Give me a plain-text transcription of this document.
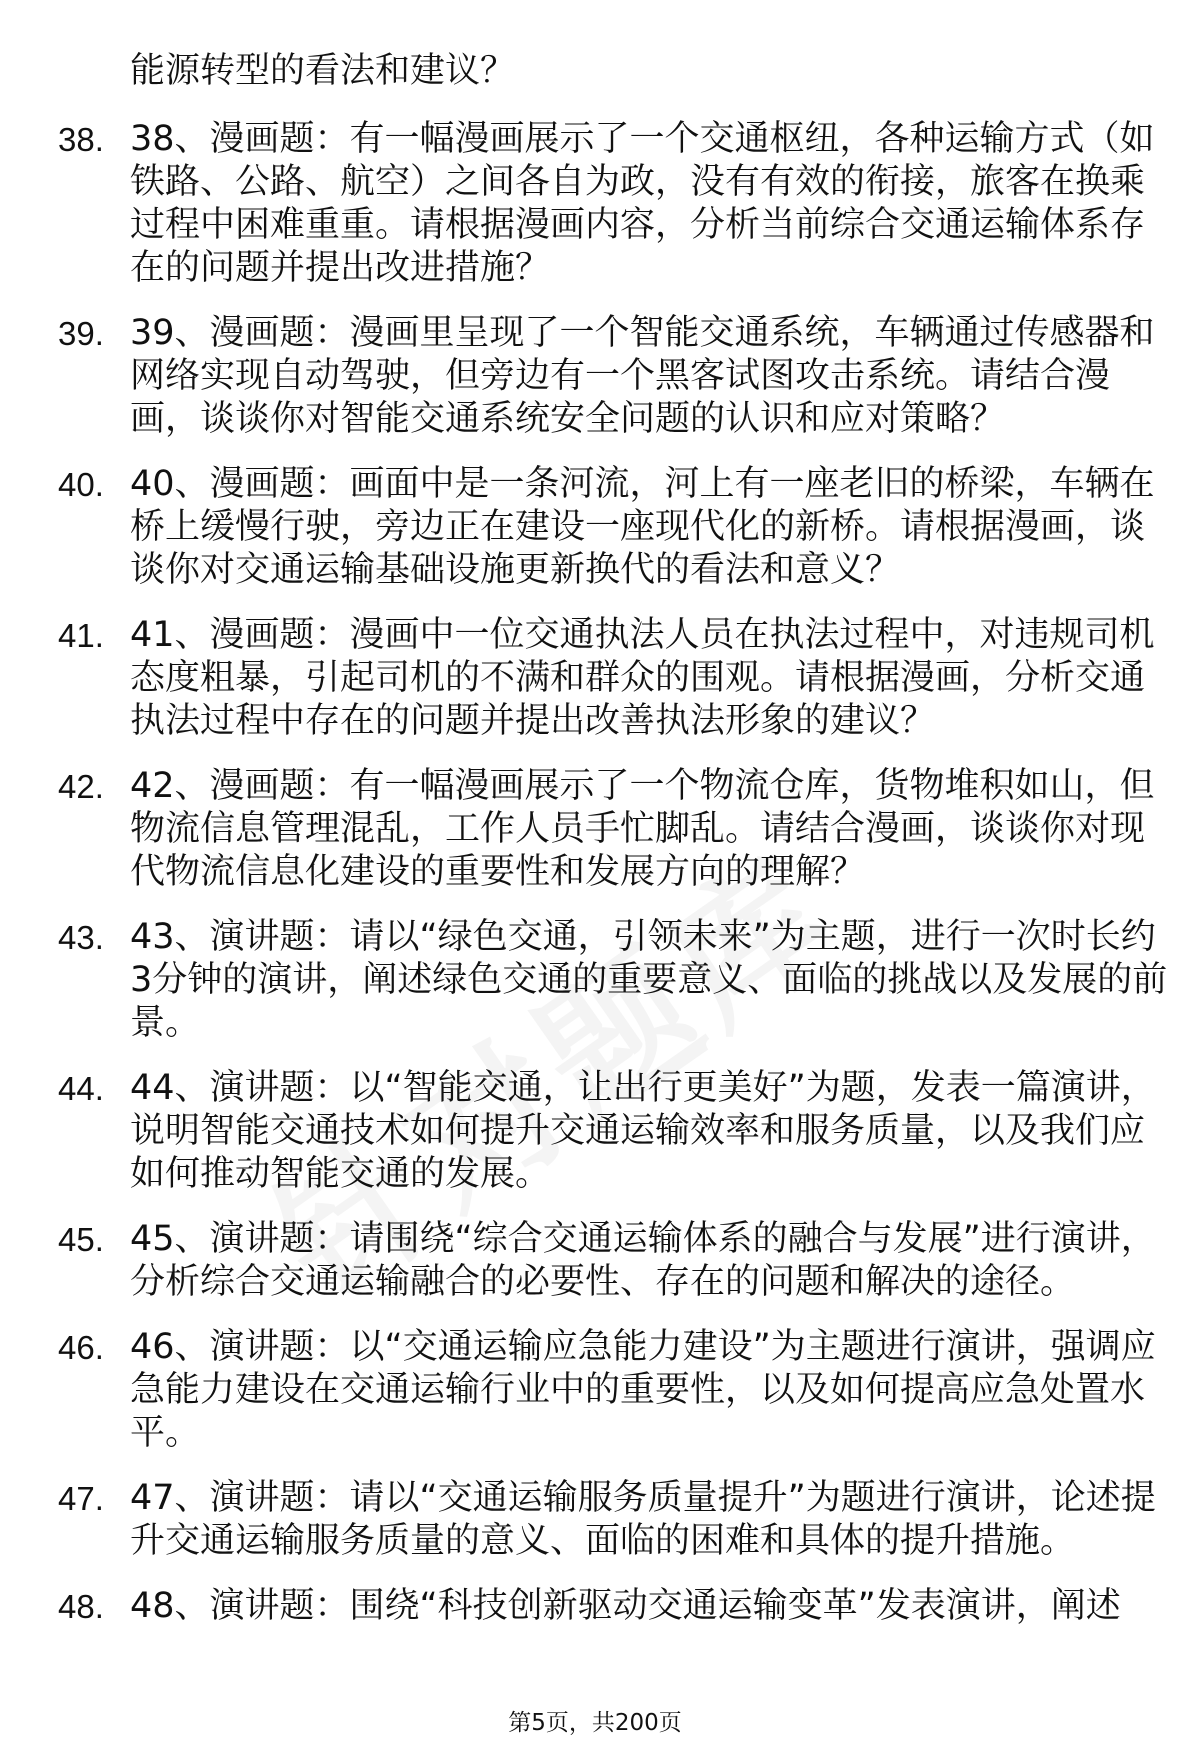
能源转型的看法和建议？
38. 38、漫画题：有一幅漫画展示了一个交通枢纽，各种运输方式（如铁路、公路、航空）之间各自为政，没有有效的衔接，旅客在换乘过程中困难重重。请根据漫画内容，分析当前综合交通运输体系存在的问题并提出改进措施？
39. 39、漫画题：漫画里呈现了一个智能交通系统，车辆通过传感器和网络实现自动驾驶，但旁边有一个黑客试图攻击系统。请结合漫画，谈谈你对智能交通系统安全问题的认识和应对策略？
40. 40、漫画题：画面中是一条河流，河上有一座老旧的桥梁，车辆在桥上缓慢行驶，旁边正在建设一座现代化的新桥。请根据漫画，谈谈你对交通运输基础设施更新换代的看法和意义？
41. 41、漫画题：漫画中一位交通执法人员在执法过程中，对违规司机态度粗暴，引起司机的不满和群众的围观。请根据漫画，分析交通执法过程中存在的问题并提出改善执法形象的建议？
42. 42、漫画题：有一幅漫画展示了一个物流仓库，货物堆积如山，但物流信息管理混乱，工作人员手忙脚乱。请结合漫画，谈谈你对现代物流信息化建设的重要性和发展方向的理解？
43. 43、演讲题：请以“绿色交通，引领未来”为主题，进行一次时长约3分钟的演讲，阐述绿色交通的重要意义、面临的挑战以及发展的前景。
44. 44、演讲题：以“智能交通，让出行更美好”为题，发表一篇演讲，说明智能交通技术如何提升交通运输效率和服务质量，以及我们应如何推动智能交通的发展。
45. 45、演讲题：请围绕“综合交通运输体系的融合与发展”进行演讲，分析综合交通运输融合的必要性、存在的问题和解决的途径。
46. 46、演讲题：以“交通运输应急能力建设”为主题进行演讲，强调应急能力建设在交通运输行业中的重要性，以及如何提高应急处置水平。
47. 47、演讲题：请以“交通运输服务质量提升”为题进行演讲，论述提升交通运输服务质量的意义、面临的困难和具体的提升措施。
48. 48、演讲题：围绕“科技创新驱动交通运输变革”发表演讲，阐述
第5页，共200页
